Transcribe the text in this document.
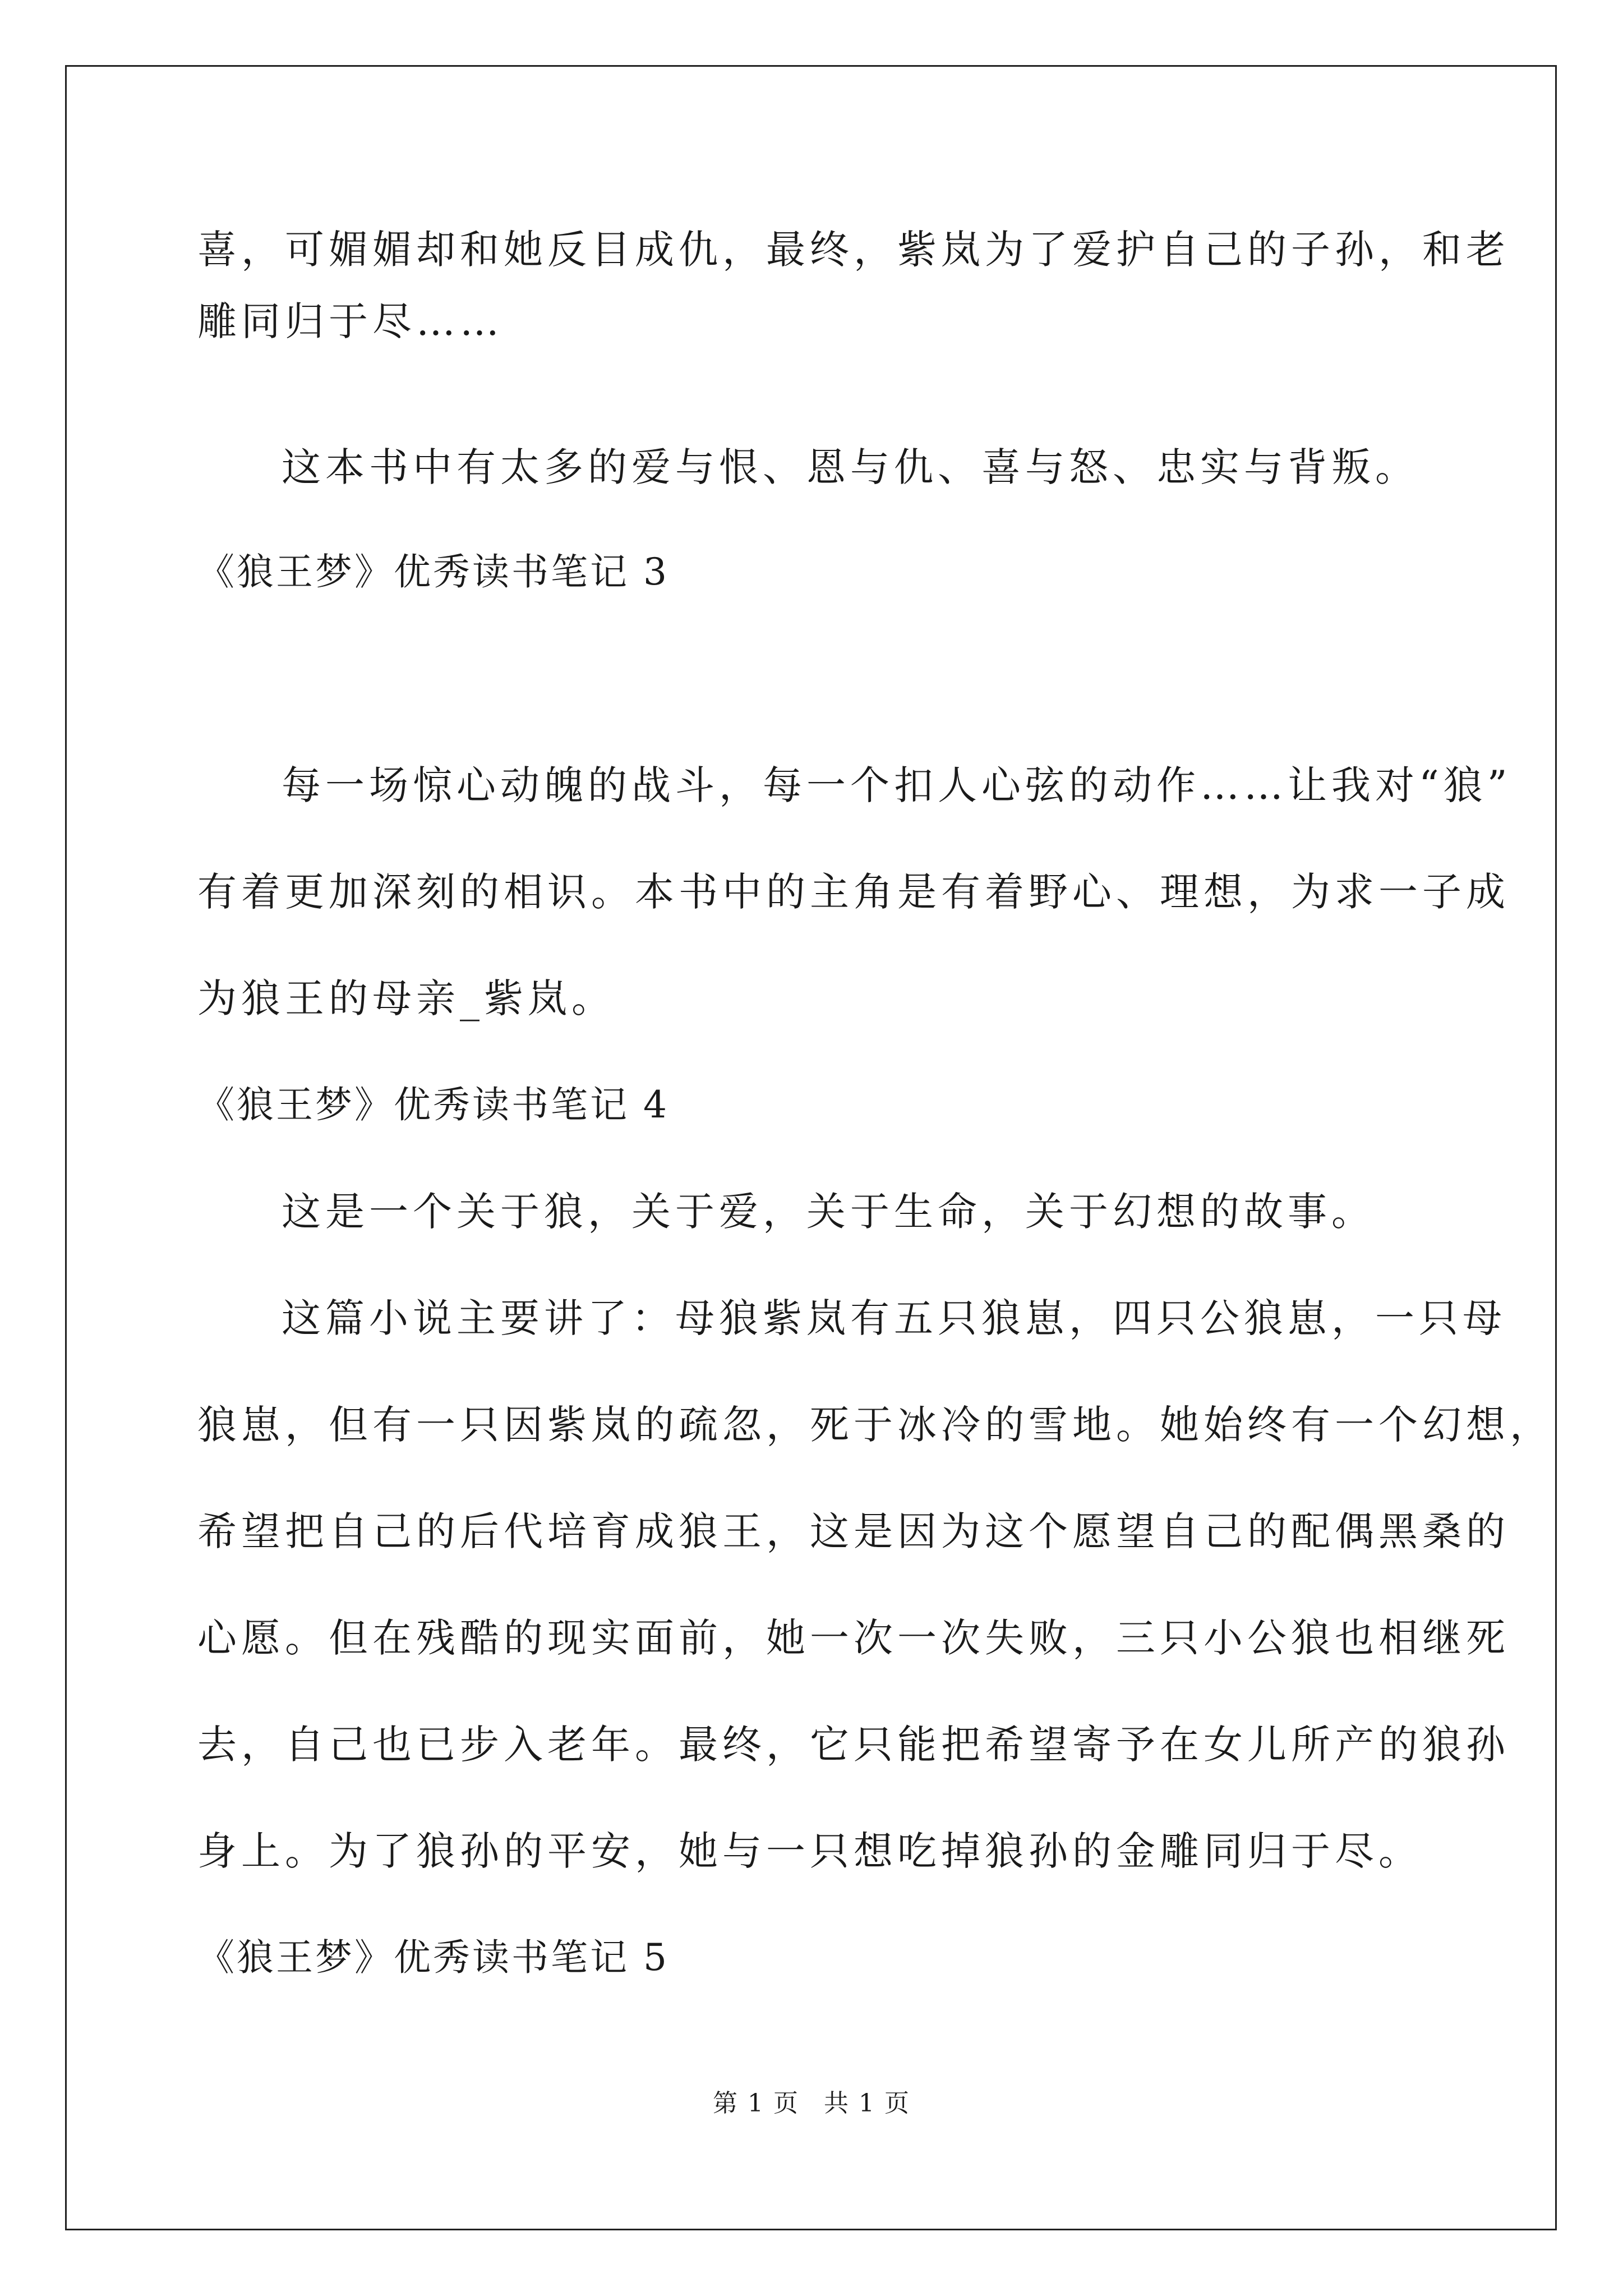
喜，可媚媚却和她反目成仇，最终，紫岚为了爱护自己的子孙，和老
雕同归于尽……
这本书中有太多的爱与恨、恩与仇、喜与怒、忠实与背叛。
《狼王梦》优秀读书笔记 3
每一场惊心动魄的战斗，每一个扣人心弦的动作……让我对“狼”
有着更加深刻的相识。本书中的主角是有着野心、理想，为求一子成
为狼王的母亲_紫岚。
《狼王梦》优秀读书笔记 4
这是一个关于狼，关于爱，关于生命，关于幻想的故事。
这篇小说主要讲了：母狼紫岚有五只狼崽，四只公狼崽，一只母
狼崽，但有一只因紫岚的疏忽，死于冰冷的雪地。她始终有一个幻想，
希望把自己的后代培育成狼王，这是因为这个愿望自己的配偶黑桑的
心愿。但在残酷的现实面前，她一次一次失败，三只小公狼也相继死
去，自己也已步入老年。最终，它只能把希望寄予在女儿所产的狼孙
身上。为了狼孙的平安，她与一只想吃掉狼孙的金雕同归于尽。
《狼王梦》优秀读书笔记 5
第 1 页 共 1 页
